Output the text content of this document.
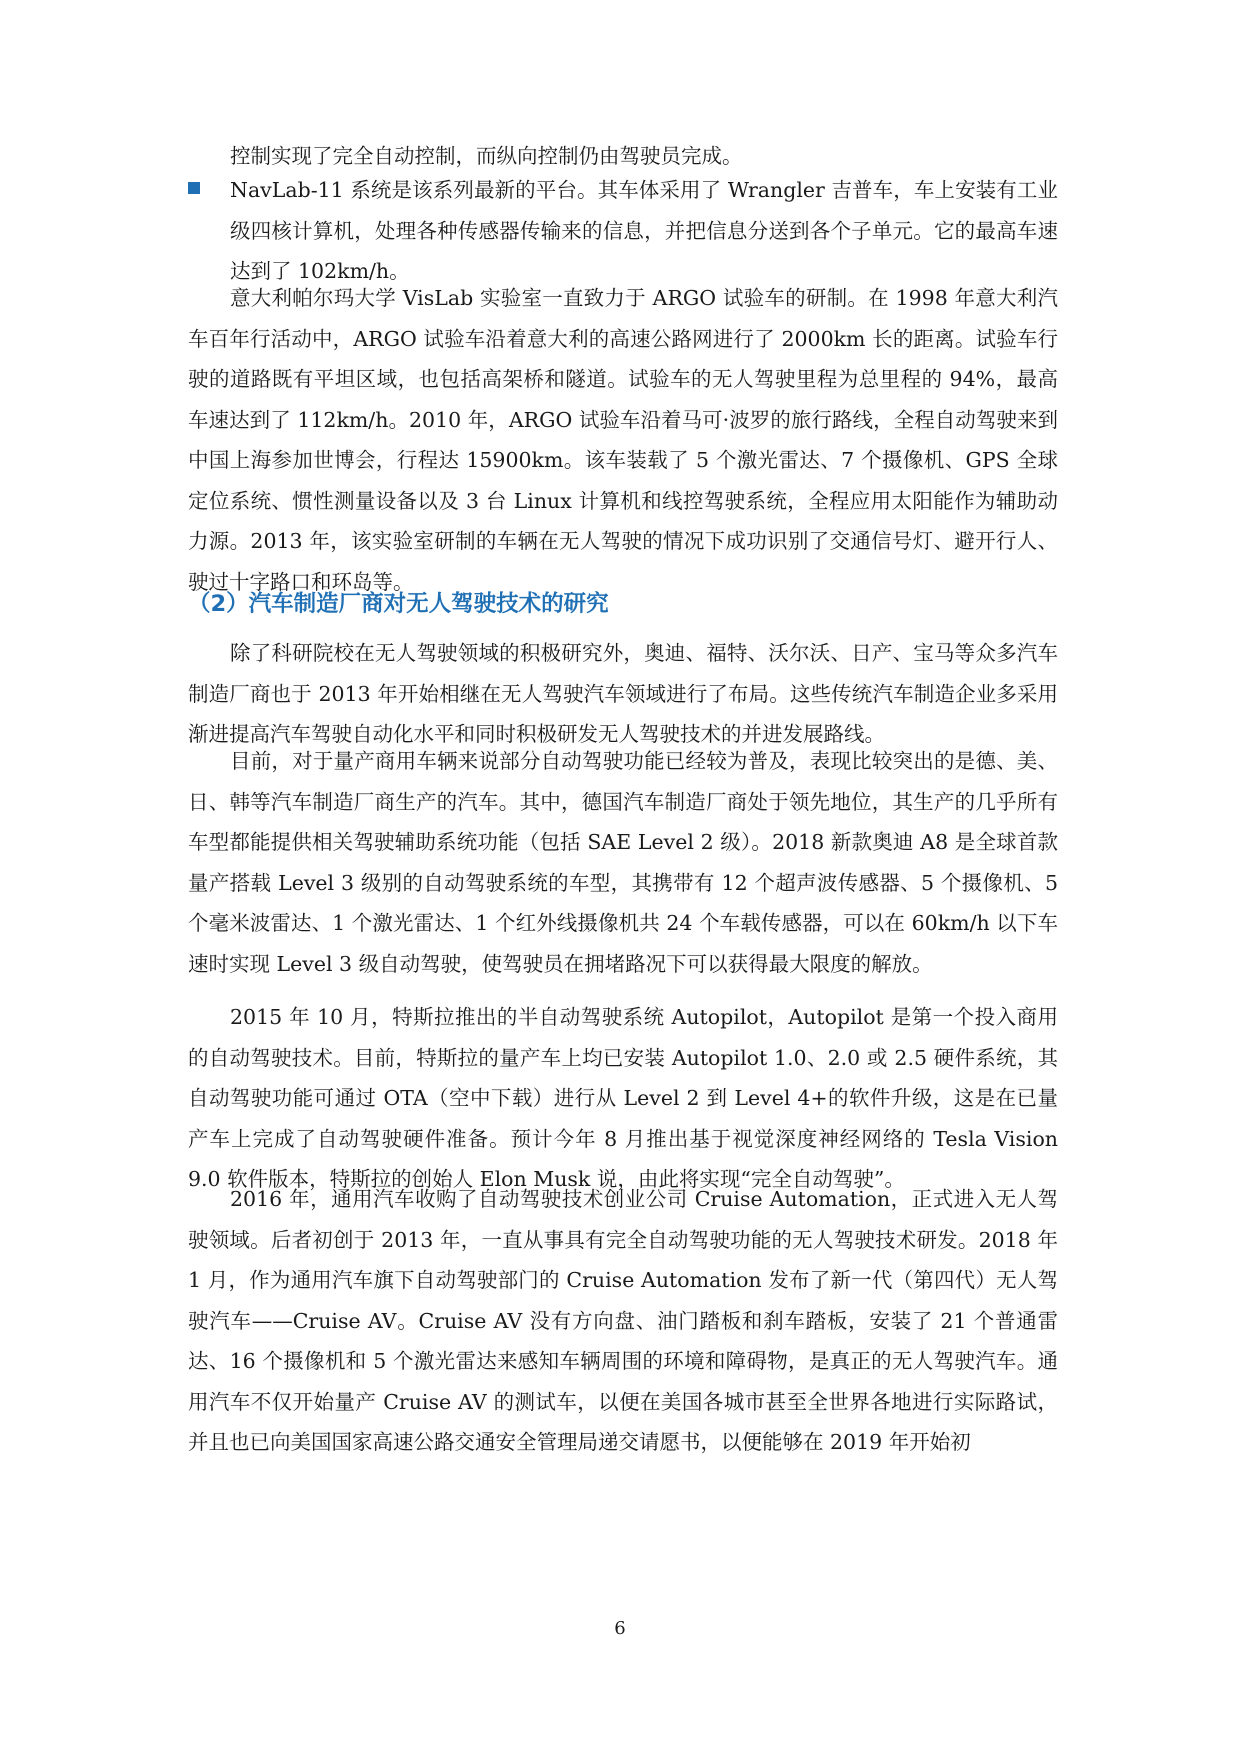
控制实现了完全自动控制，而纵向控制仍由驾驶员完成。

NavLab-11 系统是该系列最新的平台。其车体采用了 Wrangler 吉普车，车上安装有工业级四核计算机，处理各种传感器传输来的信息，并把信息分送到各个子单元。它的最高车速达到了 102km/h。

意大利帕尔玛大学 VisLab 实验室一直致力于 ARGO 试验车的研制。在 1998 年意大利汽车百年行活动中，ARGO 试验车沿着意大利的高速公路网进行了 2000km 长的距离。试验车行驶的道路既有平坦区域，也包括高架桥和隧道。试验车的无人驾驶里程为总里程的 94%，最高车速达到了 112km/h。2010 年，ARGO 试验车沿着马可·波罗的旅行路线，全程自动驾驶来到中国上海参加世博会，行程达 15900km。该车装载了 5 个激光雷达、7 个摄像机、GPS 全球定位系统、惯性测量设备以及 3 台 Linux 计算机和线控驾驶系统，全程应用太阳能作为辅助动力源。2013 年，该实验室研制的车辆在无人驾驶的情况下成功识别了交通信号灯、避开行人、驶过十字路口和环岛等。

（2）汽车制造厂商对无人驾驶技术的研究

除了科研院校在无人驾驶领域的积极研究外，奥迪、福特、沃尔沃、日产、宝马等众多汽车制造厂商也于 2013 年开始相继在无人驾驶汽车领域进行了布局。这些传统汽车制造企业多采用渐进提高汽车驾驶自动化水平和同时积极研发无人驾驶技术的并进发展路线。

目前，对于量产商用车辆来说部分自动驾驶功能已经较为普及，表现比较突出的是德、美、日、韩等汽车制造厂商生产的汽车。其中，德国汽车制造厂商处于领先地位，其生产的几乎所有车型都能提供相关驾驶辅助系统功能（包括 SAE Level 2 级）。2018 新款奥迪 A8 是全球首款量产搭载 Level 3 级别的自动驾驶系统的车型，其携带有 12 个超声波传感器、5 个摄像机、5 个毫米波雷达、1 个激光雷达、1 个红外线摄像机共 24 个车载传感器，可以在 60km/h 以下车速时实现 Level 3 级自动驾驶，使驾驶员在拥堵路况下可以获得最大限度的解放。

2015 年 10 月，特斯拉推出的半自动驾驶系统 Autopilot，Autopilot 是第一个投入商用的自动驾驶技术。目前，特斯拉的量产车上均已安装 Autopilot 1.0、2.0 或 2.5 硬件系统，其自动驾驶功能可通过 OTA（空中下载）进行从 Level 2 到 Level 4+的软件升级，这是在已量产车上完成了自动驾驶硬件准备。预计今年 8 月推出基于视觉深度神经网络的 Tesla Vision 9.0 软件版本，特斯拉的创始人 Elon Musk 说，由此将实现“完全自动驾驶”。

2016 年，通用汽车收购了自动驾驶技术创业公司 Cruise Automation，正式进入无人驾驶领域。后者初创于 2013 年，一直从事具有完全自动驾驶功能的无人驾驶技术研发。2018 年 1 月，作为通用汽车旗下自动驾驶部门的 Cruise Automation 发布了新一代（第四代）无人驾驶汽车——Cruise AV。Cruise AV 没有方向盘、油门踏板和刹车踏板，安装了 21 个普通雷达、16 个摄像机和 5 个激光雷达来感知车辆周围的环境和障碍物，是真正的无人驾驶汽车。通用汽车不仅开始量产 Cruise AV 的测试车，以便在美国各城市甚至全世界各地进行实际路试，并且也已向美国国家高速公路交通安全管理局递交请愿书，以便能够在 2019 年开始初

6
